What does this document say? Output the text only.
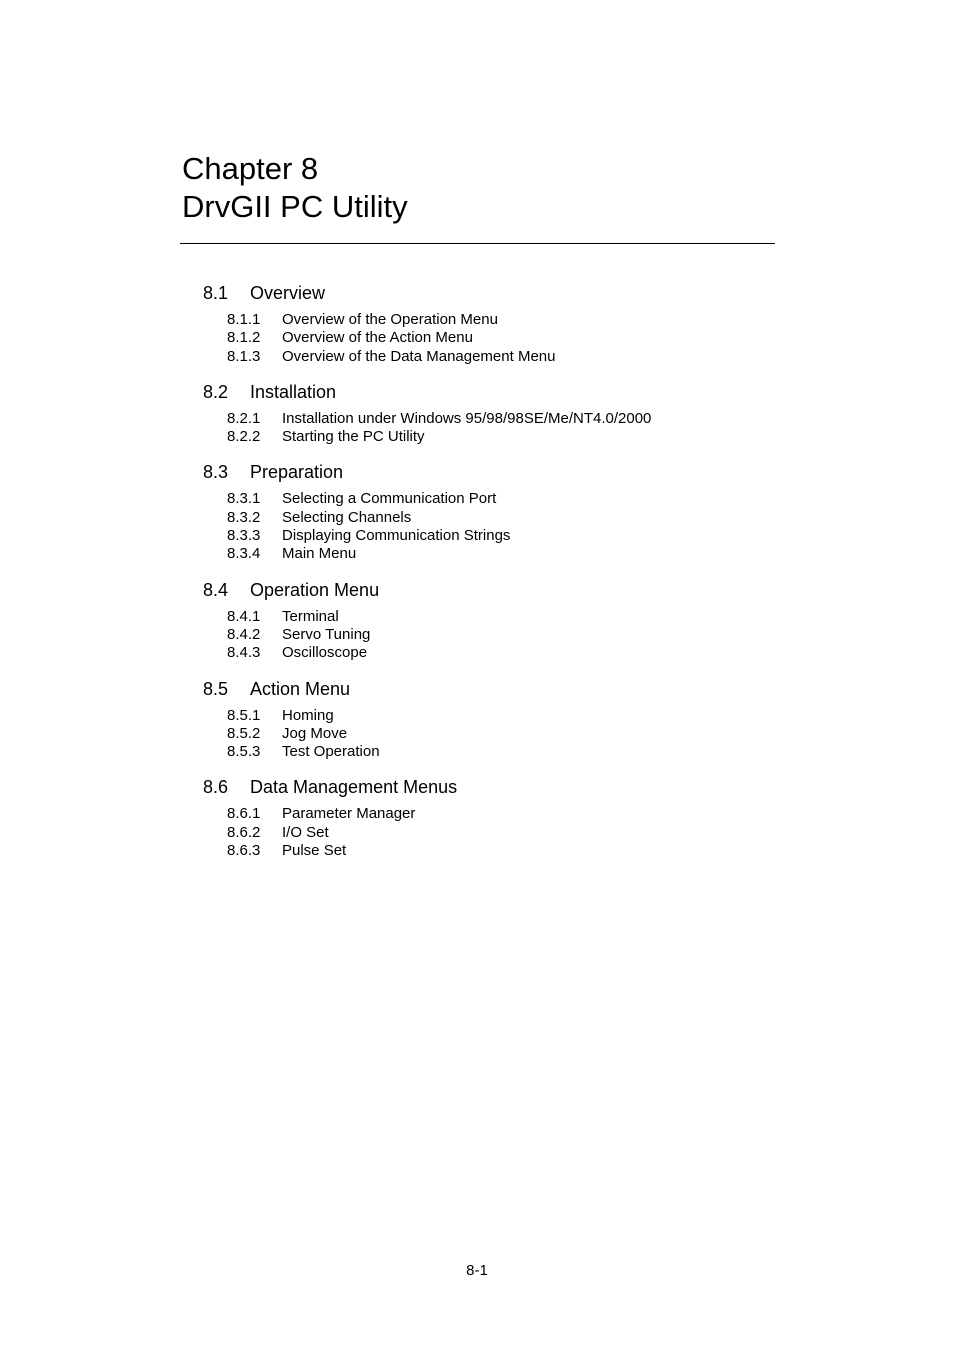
Chapter 8
DrvGII PC Utility
8.1 Overview
8.1.1 Overview of the Operation Menu
8.1.2 Overview of the Action Menu
8.1.3 Overview of the Data Management Menu
8.2 Installation
8.2.1 Installation under Windows 95/98/98SE/Me/NT4.0/2000
8.2.2 Starting the PC Utility
8.3 Preparation
8.3.1 Selecting a Communication Port
8.3.2 Selecting Channels
8.3.3 Displaying Communication Strings
8.3.4 Main Menu
8.4 Operation Menu
8.4.1 Terminal
8.4.2 Servo Tuning
8.4.3 Oscilloscope
8.5 Action Menu
8.5.1 Homing
8.5.2 Jog Move
8.5.3 Test Operation
8.6 Data Management Menus
8.6.1 Parameter Manager
8.6.2 I/O Set
8.6.3 Pulse Set
8-1
